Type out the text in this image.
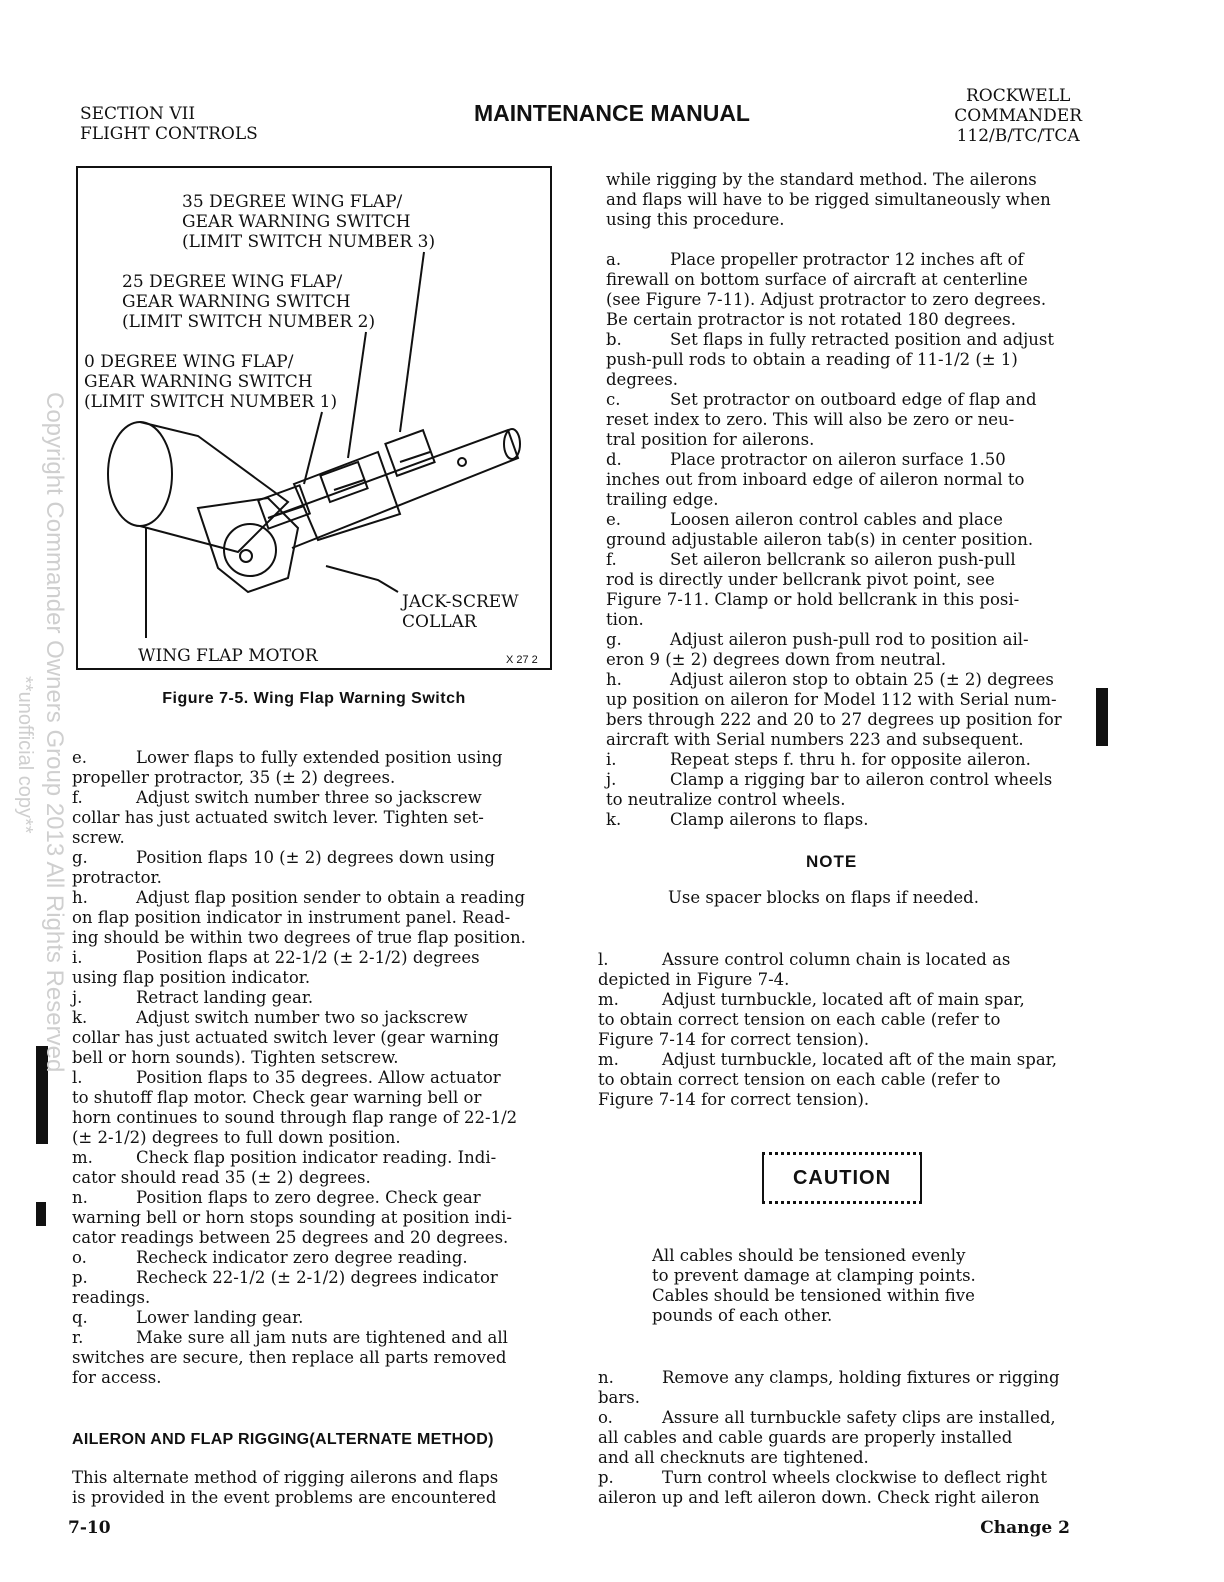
SECTION VII
FLIGHT CONTROLS
MAINTENANCE MANUAL
ROCKWELL
COMMANDER
112/B/TC/TCA
35 DEGREE WING FLAP/
GEAR WARNING SWITCH
(LIMIT SWITCH NUMBER 3)
25 DEGREE WING FLAP/
GEAR WARNING SWITCH
(LIMIT SWITCH NUMBER 2)
0 DEGREE WING FLAP/
GEAR WARNING SWITCH
(LIMIT SWITCH NUMBER 1)
JACK-SCREW
COLLAR
WING FLAP MOTOR	X 27 2
Figure 7-5. Wing Flap Warning Switch
e.	Lower flaps to fully extended position using
propeller protractor, 35 (± 2) degrees.
f.	Adjust switch number three so jackscrew
collar has just actuated switch lever. Tighten set-
screw.
g.	Position flaps 10 (± 2) degrees down using
protractor.
h.	Adjust flap position sender to obtain a reading
on flap position indicator in instrument panel. Read-
ing should be within two degrees of true flap position.
i.	Position flaps at 22-1/2 (± 2-1/2) degrees
using flap position indicator.
j.	Retract landing gear.
k.	Adjust switch number two so jackscrew
collar has just actuated switch lever (gear warning
bell or horn sounds). Tighten setscrew.
l.	Position flaps to 35 degrees. Allow actuator
to shutoff flap motor. Check gear warning bell or
horn continues to sound through flap range of 22-1/2
(± 2-1/2) degrees to full down position.
m.	Check flap position indicator reading. Indi-
cator should read 35 (± 2) degrees.
n.	Position flaps to zero degree. Check gear
warning bell or horn stops sounding at position indi-
cator readings between 25 degrees and 20 degrees.
o.	Recheck indicator zero degree reading.
p.	Recheck 22-1/2 (± 2-1/2) degrees indicator
readings.
q.	Lower landing gear.
r.	Make sure all jam nuts are tightened and all
switches are secure, then replace all parts removed
for access.
AILERON AND FLAP RIGGING(ALTERNATE METHOD)
This alternate method of rigging ailerons and flaps
is provided in the event problems are encountered
while rigging by the standard method. The ailerons
and flaps will have to be rigged simultaneously when
using this procedure.
a.	Place propeller protractor 12 inches aft of
firewall on bottom surface of aircraft at centerline
(see Figure 7-11). Adjust protractor to zero degrees.
Be certain protractor is not rotated 180 degrees.
b.	Set flaps in fully retracted position and adjust
push-pull rods to obtain a reading of 11-1/2 (± 1)
degrees.
c.	Set protractor on outboard edge of flap and
reset index to zero. This will also be zero or neu-
tral position for ailerons.
d.	Place protractor on aileron surface 1.50
inches out from inboard edge of aileron normal to
trailing edge.
e.	Loosen aileron control cables and place
ground adjustable aileron tab(s) in center position.
f.	Set aileron bellcrank so aileron push-pull
rod is directly under bellcrank pivot point, see
Figure 7-11. Clamp or hold bellcrank in this posi-
tion.
g.	Adjust aileron push-pull rod to position ail-
eron 9 (± 2) degrees down from neutral.
h.	Adjust aileron stop to obtain 25 (± 2) degrees
up position on aileron for Model 112 with Serial num-
bers through 222 and 20 to 27 degrees up position for
aircraft with Serial numbers 223 and subsequent.
i.	Repeat steps f. thru h. for opposite aileron.
j.	Clamp a rigging bar to aileron control wheels
to neutralize control wheels.
k.	Clamp ailerons to flaps.
NOTE
Use spacer blocks on flaps if needed.
l.	Assure control column chain is located as
depicted in Figure 7-4.
m.	Adjust turnbuckle, located aft of main spar,
to obtain correct tension on each cable (refer to
Figure 7-14 for correct tension).
m.	Adjust turnbuckle, located aft of the main spar,
to obtain correct tension on each cable (refer to
Figure 7-14 for correct tension).
CAUTION
All cables should be tensioned evenly
to prevent damage at clamping points.
Cables should be tensioned within five
pounds of each other.
n.	Remove any clamps, holding fixtures or rigging
bars.
o.	Assure all turnbuckle safety clips are installed,
all cables and cable guards are properly installed
and all checknuts are tightened.
p.	Turn control wheels clockwise to deflect right
aileron up and left aileron down. Check right aileron
Copyright Commander Owners Group 2013 All Rights Reserved
**unofficial copy**
7-10	Change 2
